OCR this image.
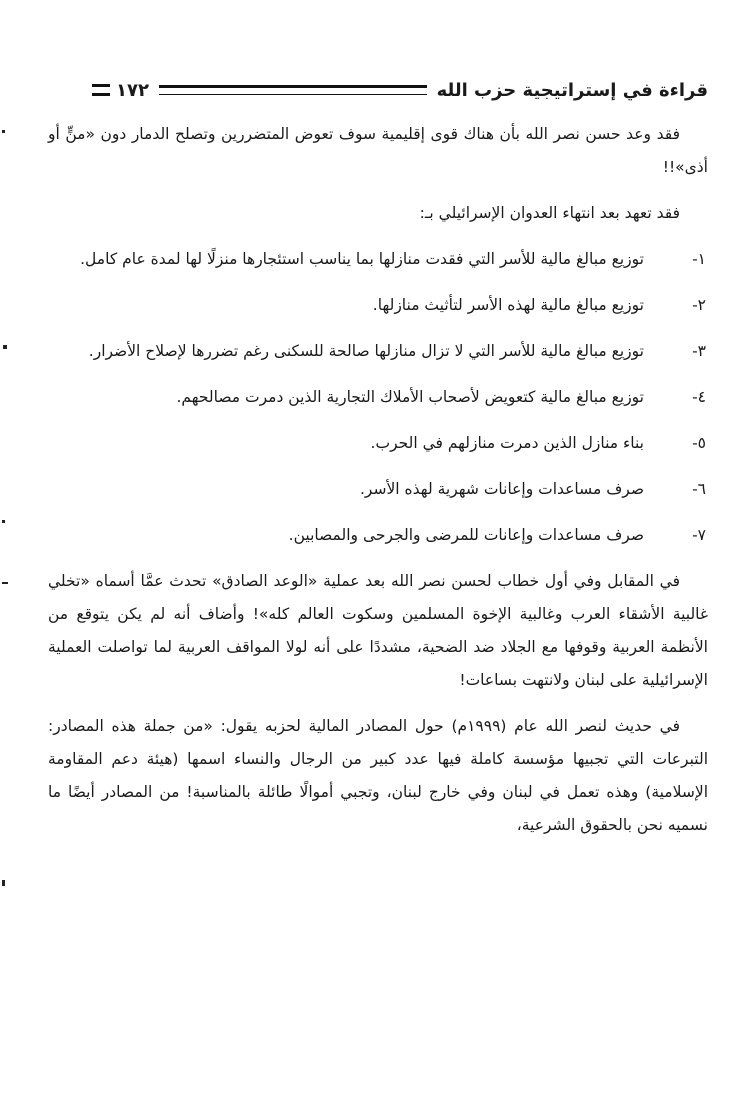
قراءة في إستراتيجية حزب الله
١٧٢

فقد وعد حسن نصر الله بأن هناك قوى إقليمية سوف تعوض المتضررين وتصلح الدمار دون «منٍّ أو أذى»!!

فقد تعهد بعد انتهاء العدوان الإسرائيلي بـ:

١-
توزيع مبالغ مالية للأسر التي فقدت منازلها بما يناسب استئجارها منزلًا لها لمدة عام كامل.
٢-
توزيع مبالغ مالية لهذه الأسر لتأثيث منازلها.
٣-
توزيع مبالغ مالية للأسر التي لا تزال منازلها صالحة للسكنى رغم تضررها لإصلاح الأضرار.
٤-
توزيع مبالغ مالية كتعويض لأصحاب الأملاك التجارية الذين دمرت مصالحهم.
٥-
بناء منازل الذين دمرت منازلهم في الحرب.
٦-
صرف مساعدات وإعانات شهرية لهذه الأسر.
٧-
صرف مساعدات وإعانات للمرضى والجرحى والمصابين.

في المقابل وفي أول خطاب لحسن نصر الله بعد عملية «الوعد الصادق» تحدث عمَّا أسماه «تخلي غالبية الأشقاء العرب وغالبية الإخوة المسلمين وسكوت العالم كله»! وأضاف أنه لم يكن يتوقع من الأنظمة العربية وقوفها مع الجلاد ضد الضحية، مشددًا على أنه لولا المواقف العربية لما تواصلت العملية الإسرائيلية على لبنان ولانتهت بساعات!

في حديث لنصر الله عام (١٩٩٩م) حول المصادر المالية لحزبه يقول: «من جملة هذه المصادر: التبرعات التي تجبيها مؤسسة كاملة فيها عدد كبير من الرجال والنساء اسمها (هيئة دعم المقاومة الإسلامية) وهذه تعمل في لبنان وفي خارج لبنان، وتجبي أموالًا طائلة بالمناسبة! من المصادر أيضًا ما نسميه نحن بالحقوق الشرعية،
